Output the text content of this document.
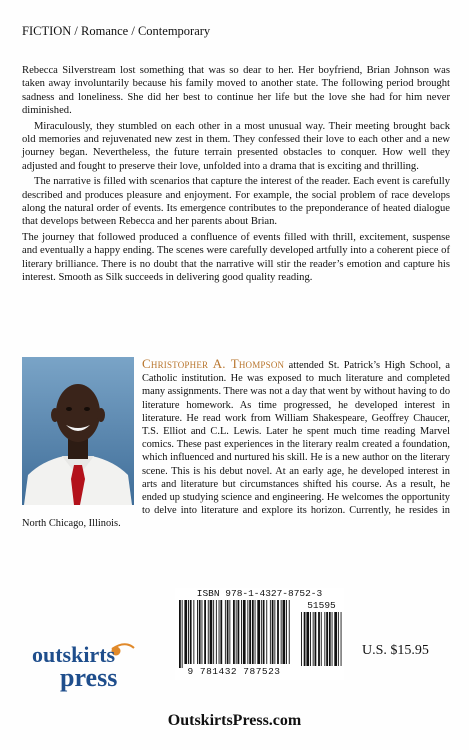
FICTION / Romance / Contemporary

Rebecca Silverstream lost something that was so dear to her. Her boyfriend, Brian Johnson was taken away involuntarily because his family moved to another state. The following period brought sadness and loneliness. She did her best to continue her life but the love she had for him never diminished.

Miraculously, they stumbled on each other in a most unusual way. Their meeting brought back old memories and rejuvenated new zest in them. They confessed their love to each other and a new journey began. Nevertheless, the future terrain presented obstacles to conquer. How well they adjusted and fought to preserve their love, unfolded into a drama that is exciting and thrilling.

The narrative is filled with scenarios that capture the interest of the reader. Each event is carefully described and produces pleasure and enjoyment. For example, the social problem of race develops along the natural order of events. Its emergence contributes to the preponderance of heated dialogue that develops between Rebecca and her parents about Brian.

The journey that followed produced a confluence of events filled with thrill, excitement, suspense and eventually a happy ending. The scenes were carefully developed artfully into a coherent piece of literary brilliance. There is no doubt that the narrative will stir the reader’s emotion and capture his interest. Smooth as Silk succeeds in delivering good quality reading.

Christopher A. Thompson attended St. Patrick’s High School, a Catholic institution. He was exposed to much literature and completed many assignments. There was not a day that went by without having to do literature homework. As time progressed, he developed interest in literature. He read work from William Shakespeare, Geoffrey Chaucer, T.S. Elliot and C.L. Lewis. Later he spent much time reading Marvel comics. These past experiences in the literary realm created a foundation, which influenced and nurtured his skill. He is a new author on the literary scene. This is his debut novel. At an early age, he developed interest in arts and literature but circumstances shifted his course. As a result, he ended up studying science and engineering. He welcomes the opportunity to delve into literature and explore its horizon. Currently, he resides in North Chicago, Illinois.
ISBN 978-1-4327-8752-3
51595
9 781432 787523
outskirts
press
U.S. $15.95
OutskirtsPress.com
